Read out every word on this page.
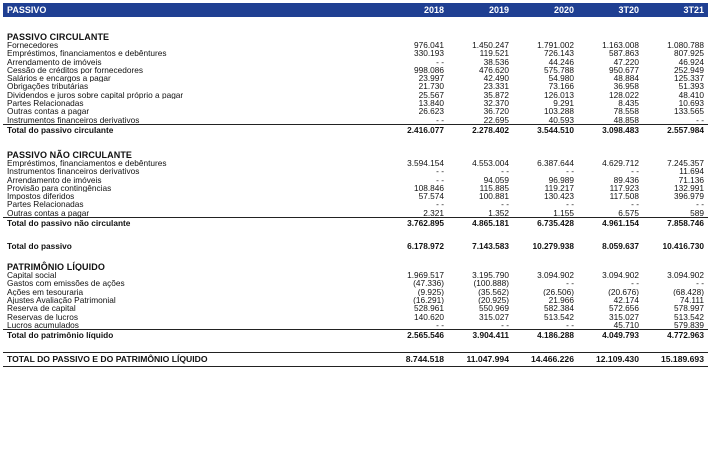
PASSIVO	2018	2019	2020	3T20	3T21

PASSIVO CIRCULANTE					
Fornecedores	976.041	1.450.247	1.791.002	1.163.008	1.080.788
Empréstimos, financiamentos e debêntures	330.193	119.521	726.143	587.863	807.925
Arrendamento de imóveis	- -	38.536	44.246	47.220	46.924
Cessão de créditos por fornecedores	998.086	476.620	575.788	950.677	252.949
Salários e encargos a pagar	23.997	42.490	54.980	48.884	125.337
Obrigações tributárias	21.730	23.331	73.166	36.958	51.393
Dividendos e juros sobre capital próprio a pagar	25.567	35.872	126.013	128.022	48.410
Partes Relacionadas	13.840	32.370	9.291	8.435	10.693
Outras contas a pagar	26.623	36.720	103.288	78.558	133.565
Instrumentos financeiros derivativos	- -	22.695	40.593	48.858	- -
Total do passivo circulante	2.416.077	2.278.402	3.544.510	3.098.483	2.557.984

PASSIVO NÃO CIRCULANTE					
Empréstimos, financiamentos e debêntures	3.594.154	4.553.004	6.387.644	4.629.712	7.245.357
Instrumentos financeiros derivativos	- -	- -	- -	- -	11.694
Arrendamento de imóveis	- -	94.059	96.989	89.436	71.136
Provisão para contingências	108.846	115.885	119.217	117.923	132.991
Impostos diferidos	57.574	100.881	130.423	117.508	396.979
Partes Relacionadas	- -	- -	- -	- -	- -
Outras contas a pagar	2.321	1.352	1.155	6.575	589
Total do passivo não circulante	3.762.895	4.865.181	6.735.428	4.961.154	7.858.746

Total do passivo	6.178.972	7.143.583	10.279.938	8.059.637	10.416.730

PATRIMÔNIO LÍQUIDO					
Capital social	1.969.517	3.195.790	3.094.902	3.094.902	3.094.902
Gastos com emissões de ações	(47.336)	(100.888)	- -	- -	- -
Ações em tesouraria	(9.925)	(35.562)	(26.506)	(20.676)	(68.428)
Ajustes Avaliação Patrimonial	(16.291)	(20.925)	21.966	42.174	74.111
Reserva de capital	528.961	550.969	582.384	572.656	578.997
Reservas de lucros	140.620	315.027	513.542	315.027	513.542
Lucros acumulados	- -	- -	- -	45.710	579.839
Total do patrimônio líquido	2.565.546	3.904.411	4.186.288	4.049.793	4.772.963

TOTAL DO PASSIVO E DO PATRIMÔNIO LÍQUIDO	8.744.518	11.047.994	14.466.226	12.109.430	15.189.693
